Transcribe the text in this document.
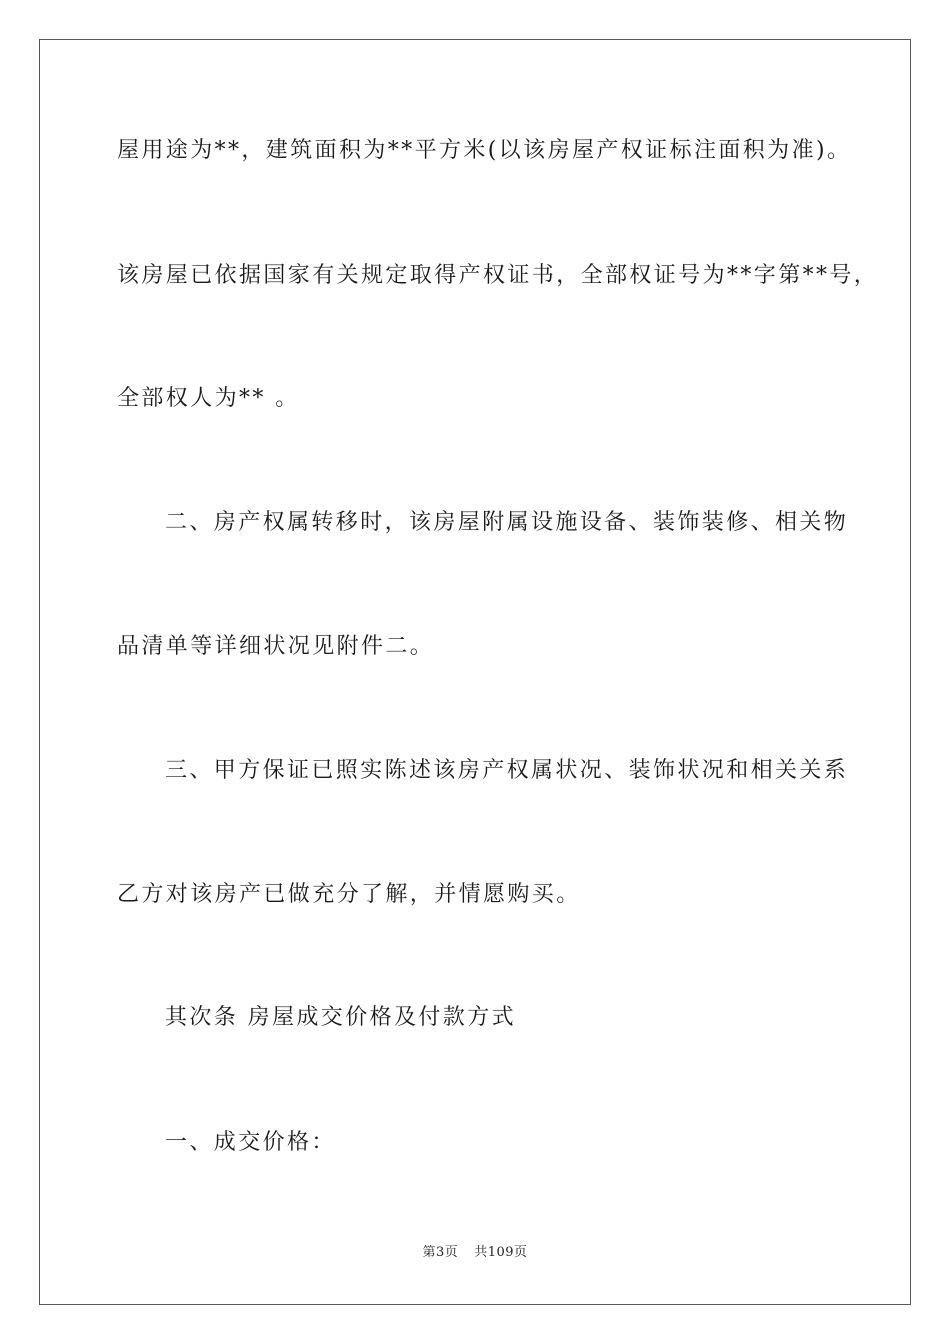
屋用途为**，建筑面积为**平方米(以该房屋产权证标注面积为准)。
该房屋已依据国家有关规定取得产权证书，全部权证号为**字第**号，
全部权人为** 。
二、房产权属转移时，该房屋附属设施设备、装饰装修、相关物
品清单等详细状况见附件二。
三、甲方保证已照实陈述该房产权属状况、装饰状况和相关关系
乙方对该房产已做充分了解，并情愿购买。
其次条 房屋成交价格及付款方式
一、成交价格：
第3页 共109页
